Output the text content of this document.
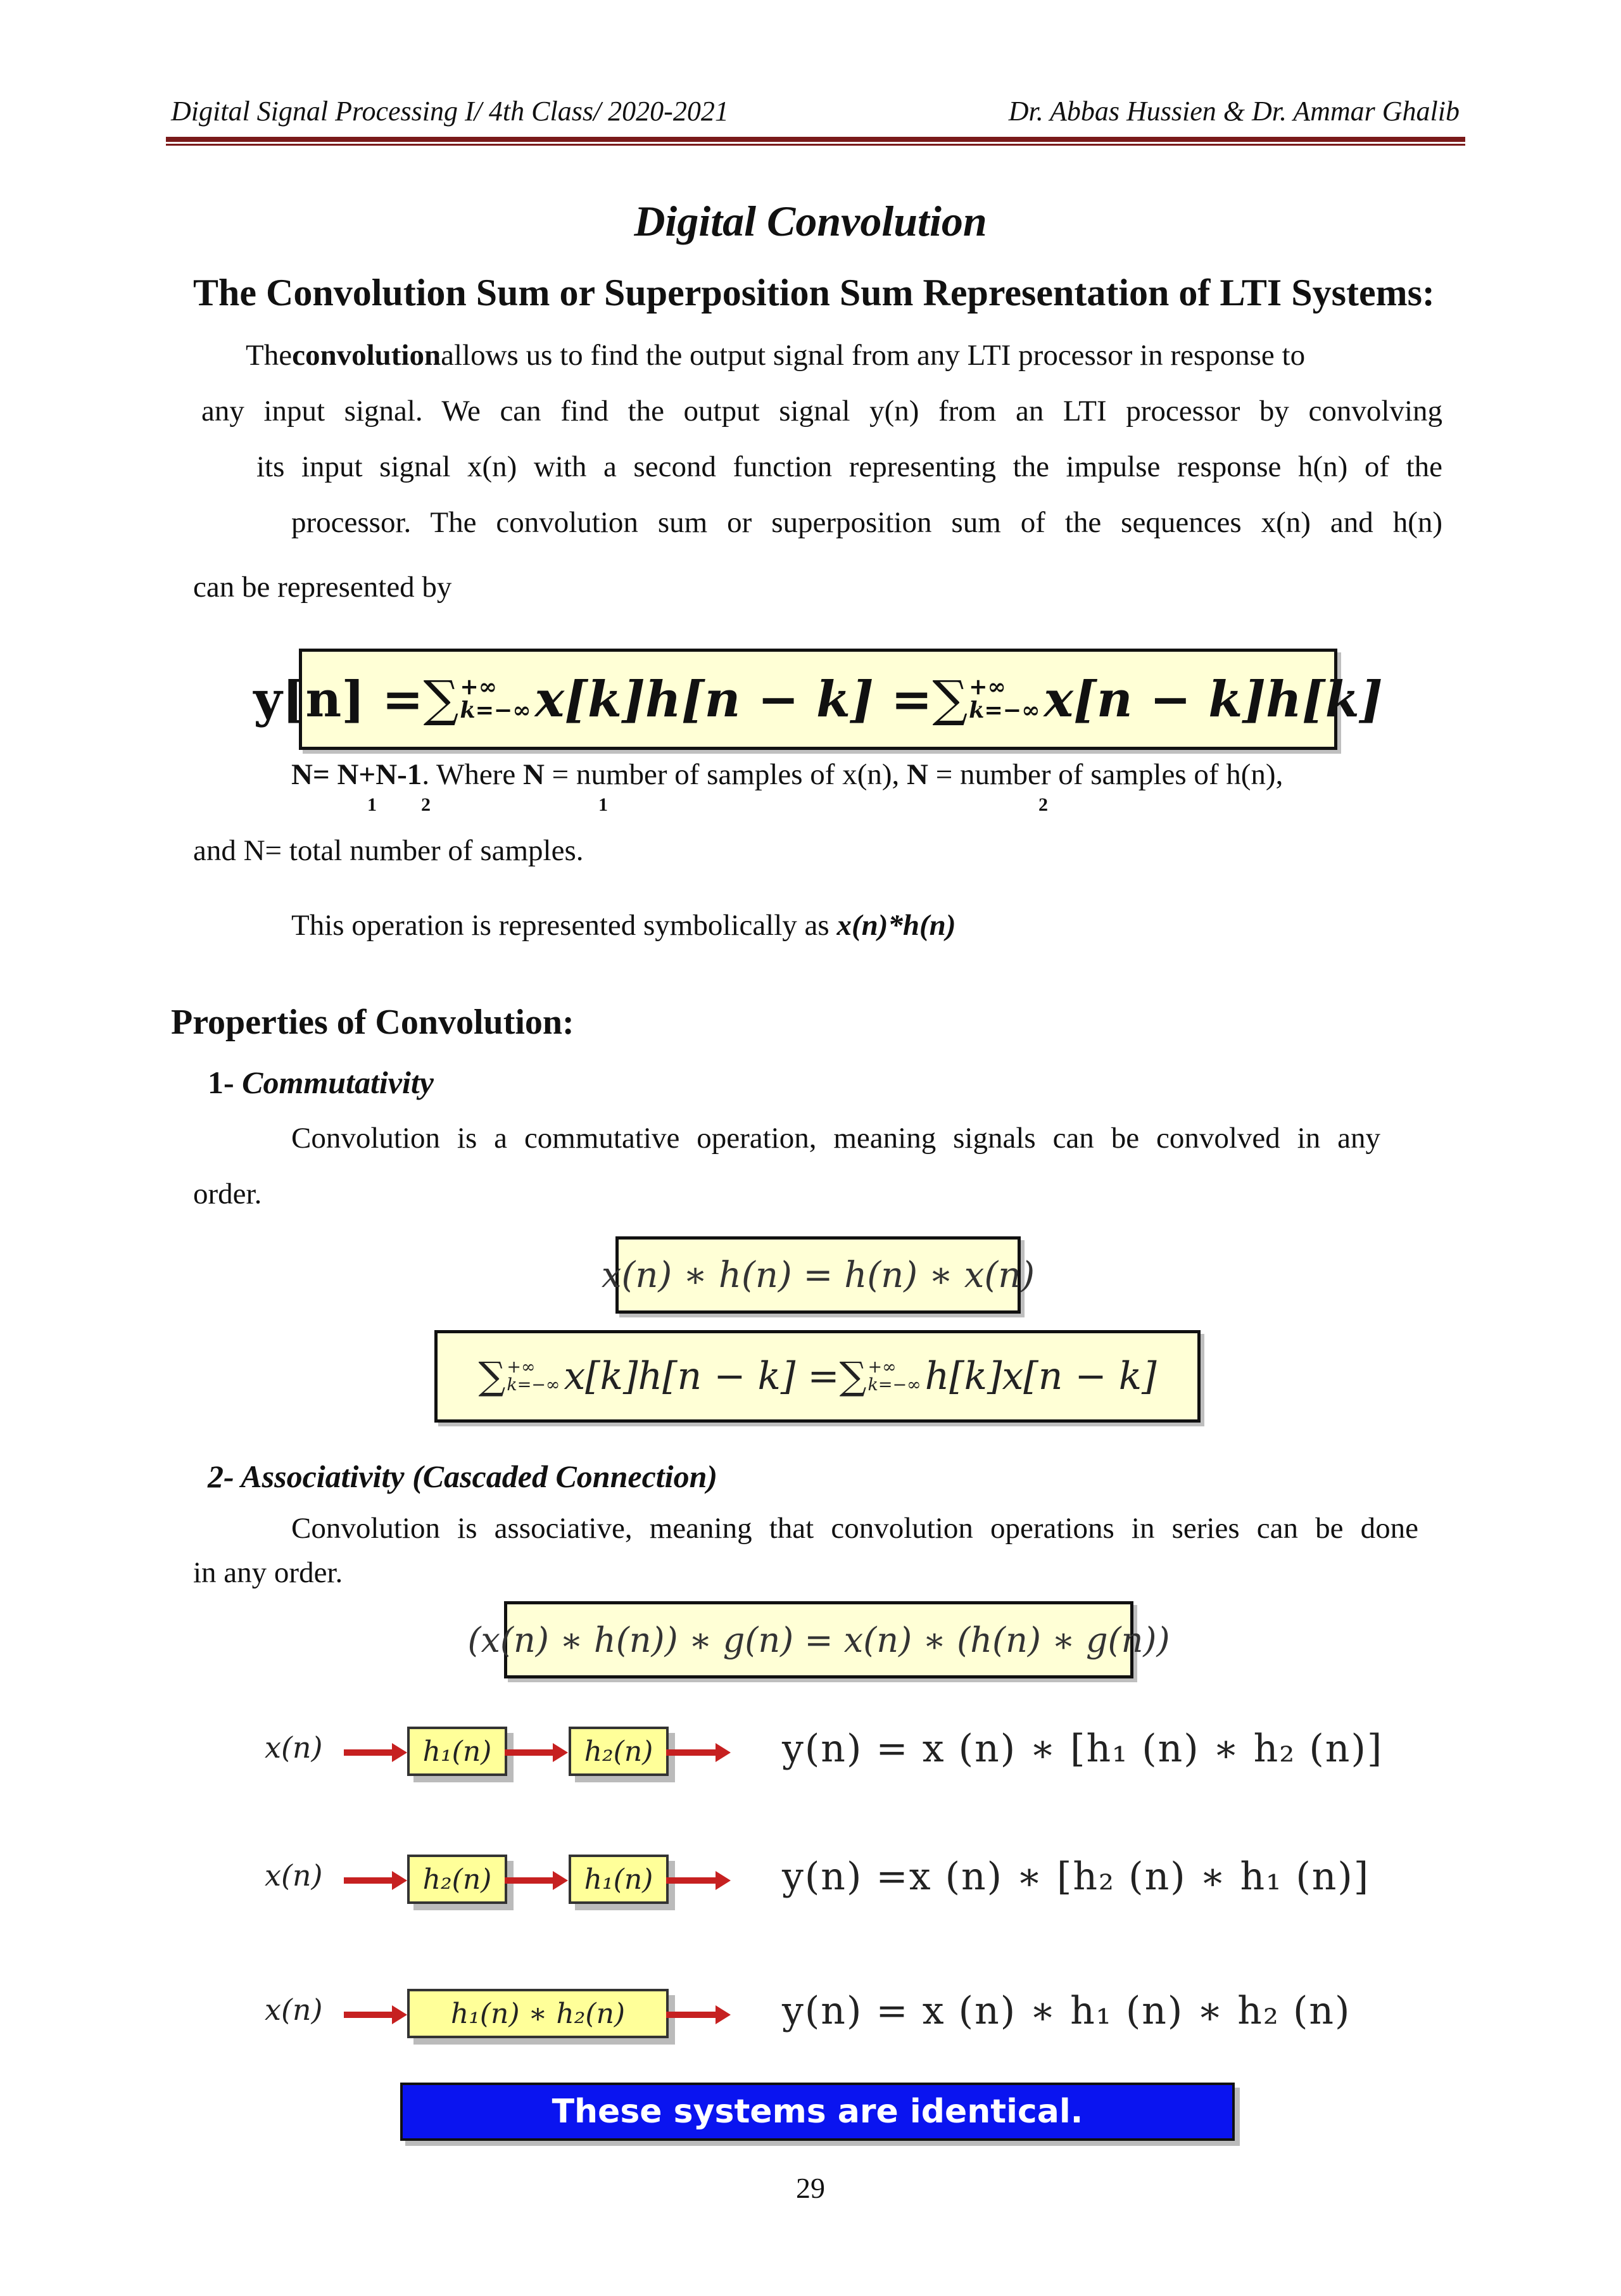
Digital Signal Processing I/ 4th Class/ 2020-2021	Dr. Abbas Hussien & Dr. Ammar Ghalib
Digital Convolution
The Convolution Sum or Superposition Sum Representation of LTI Systems:
Theconvolutionallows us to find the output signal from any LTI processor in response to
any input signal. We can find the output signal y(n) from an LTI processor by convolving
its input signal x(n) with a second function representing the impulse response h(n) of the
processor. The convolution sum or superposition sum of the sequences x(n) and h(n)
can be represented by
y[n] = ∑ +∞
k=−∞ x[k]h[n − k] = ∑ +∞
k=−∞ x[n − k]h[k]
N= N+N-1. Where N = number of samples of x(n), N = number of samples of h(n),
1 2	1	2
and N= total number of samples.
This operation is represented symbolically as x(n)*h(n)
Properties of Convolution:
1- Commutativity
Convolution is a commutative operation, meaning signals can be convolved in any
order.
x(n) ∗ h(n) = h(n) ∗ x(n)
∑ +∞
k=−∞ x[k]h[n − k] = ∑ +∞
k=−∞ h[k]x[n − k]
2- Associativity (Cascaded Connection)
Convolution is associative, meaning that convolution operations in series can be done
in any order.
(x(n) ∗ h(n)) ∗ g(n) = x(n) ∗ (h(n) ∗ g(n))
x(n)	h₁(n)	h₂(n)	y(n) = x (n) ∗ [h₁ (n) ∗ h₂ (n)]
x(n)	h₂(n)	h₁(n)	y(n) =x (n) ∗ [h₂ (n) ∗ h₁ (n)]
x(n)	h₁(n) ∗ h₂(n)	y(n) = x (n) ∗ h₁ (n) ∗ h₂ (n)
These systems are identical.
29
